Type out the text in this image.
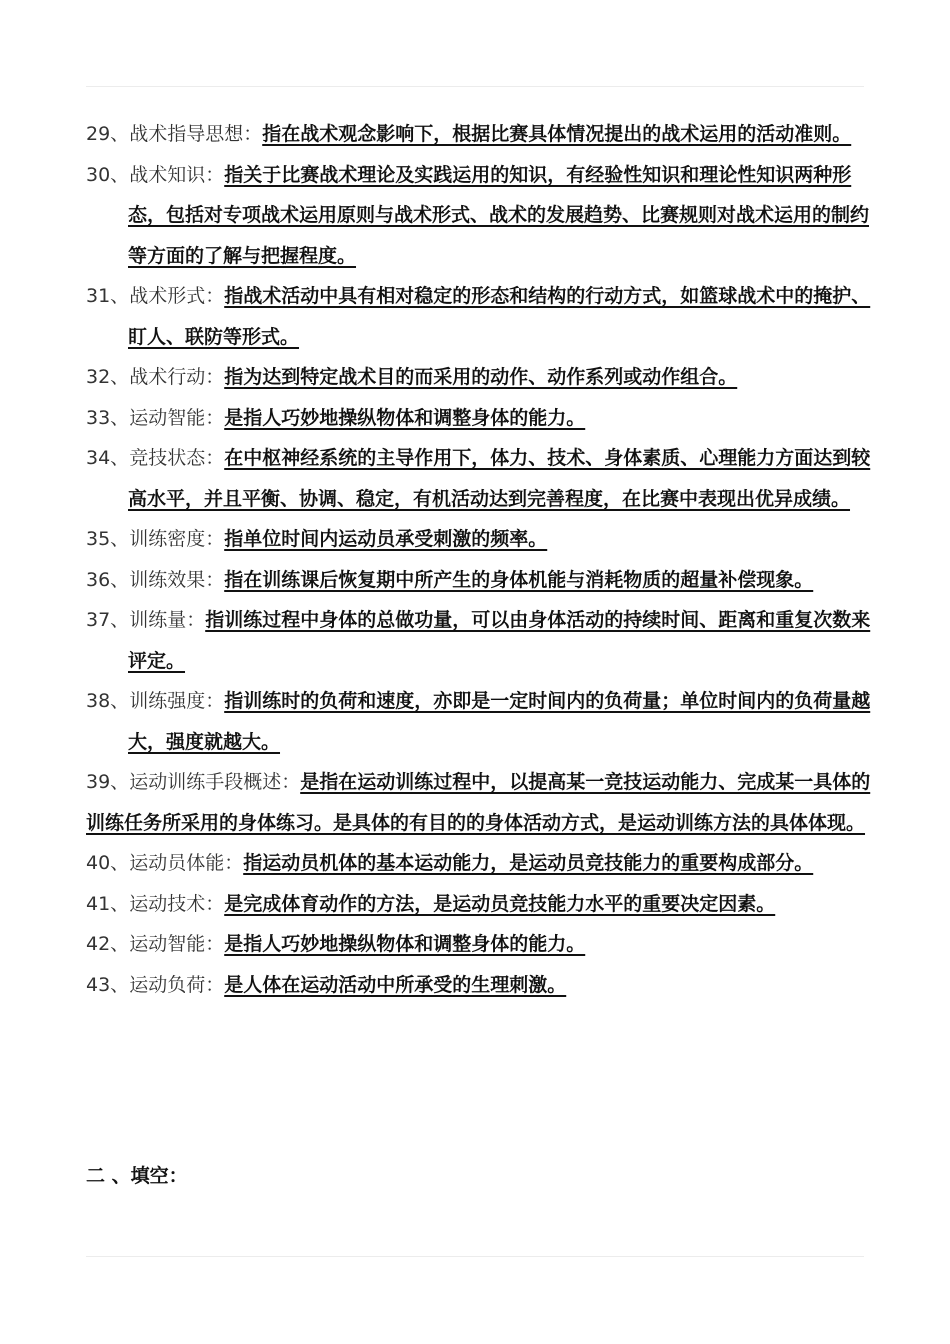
29、战术指导思想：指在战术观念影响下，根据比赛具体情况提出的战术运用的活动准则。

30、战术知识：指关于比赛战术理论及实践运用的知识，有经验性知识和理论性知识两种形态，包括对专项战术运用原则与战术形式、战术的发展趋势、比赛规则对战术运用的制约等方面的了解与把握程度。

31、战术形式：指战术活动中具有相对稳定的形态和结构的行动方式，如篮球战术中的掩护、盯人、联防等形式。

32、战术行动：指为达到特定战术目的而采用的动作、动作系列或动作组合。

33、运动智能：是指人巧妙地操纵物体和调整身体的能力。

34、竞技状态：在中枢神经系统的主导作用下，体力、技术、身体素质、心理能力方面达到较高水平，并且平衡、协调、稳定，有机活动达到完善程度，在比赛中表现出优异成绩。

35、训练密度：指单位时间内运动员承受刺激的频率。

36、训练效果：指在训练课后恢复期中所产生的身体机能与消耗物质的超量补偿现象。

37、训练量：指训练过程中身体的总做功量，可以由身体活动的持续时间、距离和重复次数来评定。

38、训练强度：指训练时的负荷和速度，亦即是一定时间内的负荷量；单位时间内的负荷量越大，强度就越大。

39、运动训练手段概述：是指在运动训练过程中，以提高某一竞技运动能力、完成某一具体的训练任务所采用的身体练习。是具体的有目的的身体活动方式，是运动训练方法的具体体现。

40、运动员体能：指运动员机体的基本运动能力，是运动员竞技能力的重要构成部分。

41、运动技术：是完成体育动作的方法，是运动员竞技能力水平的重要决定因素。

42、运动智能：是指人巧妙地操纵物体和调整身体的能力。

43、运动负荷：是人体在运动活动中所承受的生理刺激。

二 、填空：
